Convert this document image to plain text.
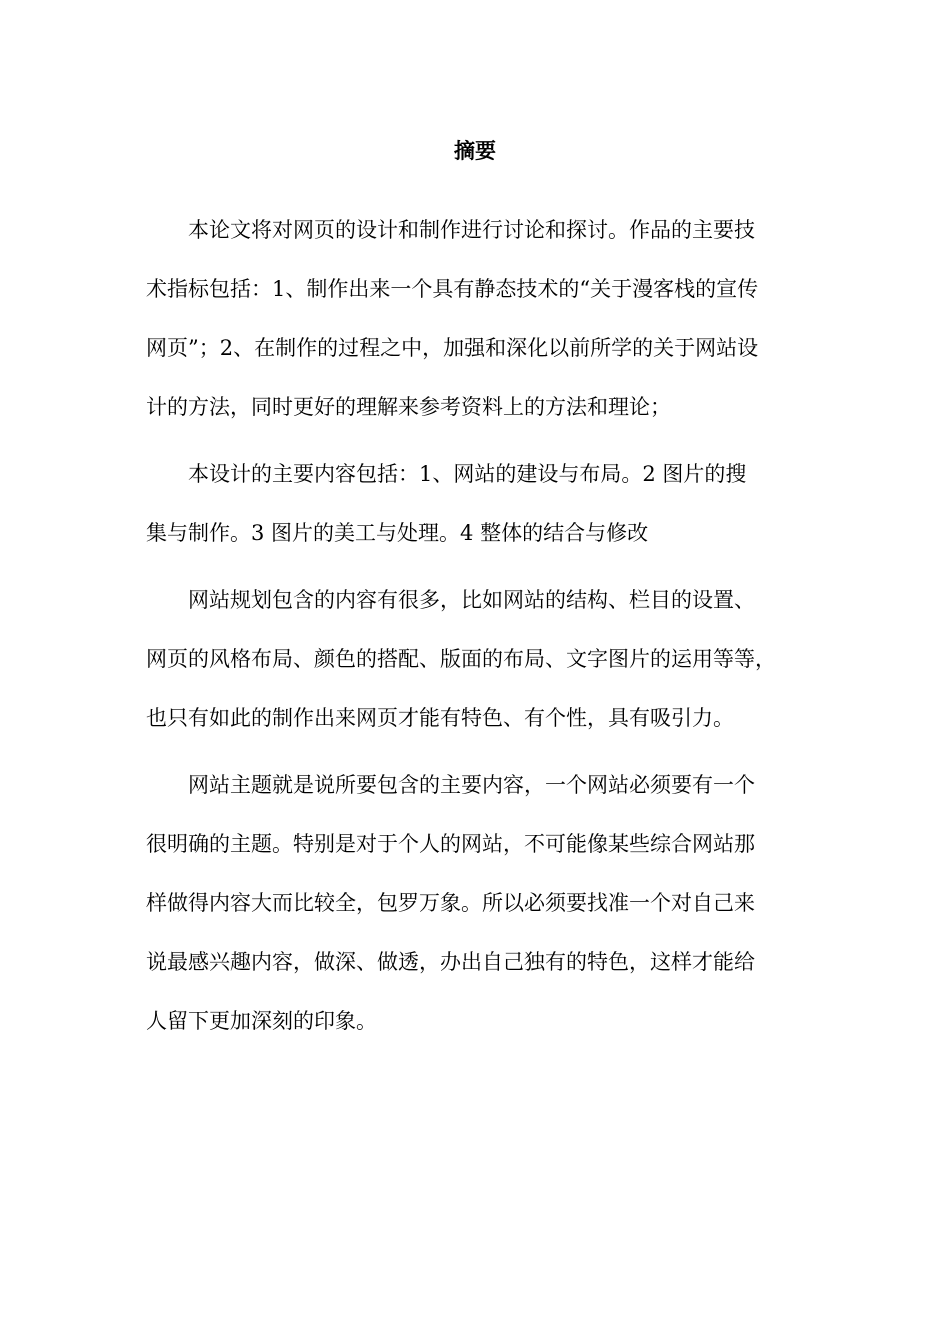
摘要

本论文将对网页的设计和制作进行讨论和探讨。作品的主要技
术指标包括：1、制作出来一个具有静态技术的“关于漫客栈的宣传
网页”；2、在制作的过程之中，加强和深化以前所学的关于网站设
计的方法，同时更好的理解来参考资料上的方法和理论；

本设计的主要内容包括：1、网站的建设与布局。2 图片的搜
集与制作。3 图片的美工与处理。4 整体的结合与修改

网站规划包含的内容有很多，比如网站的结构、栏目的设置、
网页的风格布局、颜色的搭配、版面的布局、文字图片的运用等等，
也只有如此的制作出来网页才能有特色、有个性，具有吸引力。

网站主题就是说所要包含的主要内容，一个网站必须要有一个
很明确的主题。特别是对于个人的网站，不可能像某些综合网站那
样做得内容大而比较全，包罗万象。所以必须要找准一个对自己来
说最感兴趣内容，做深、做透，办出自己独有的特色，这样才能给
人留下更加深刻的印象。
